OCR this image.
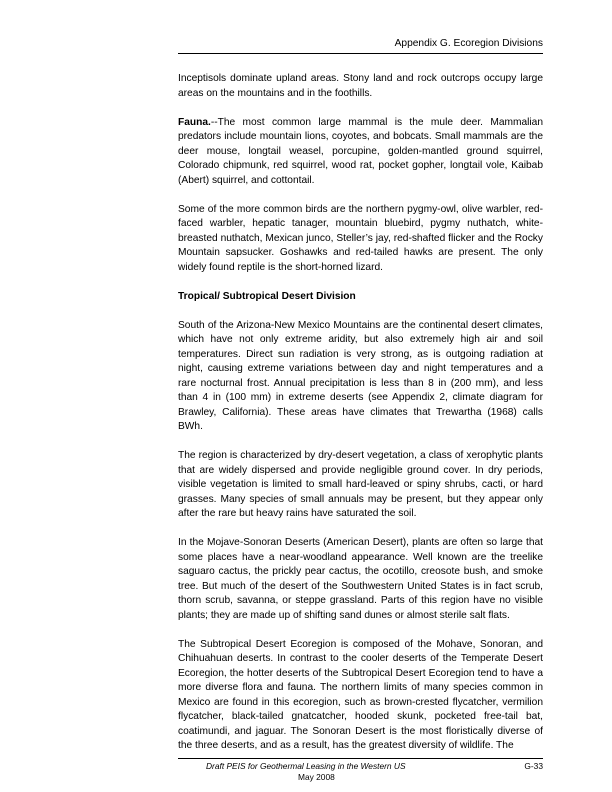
Appendix G. Ecoregion Divisions

Inceptisols dominate upland areas. Stony land and rock outcrops occupy large areas on the mountains and in the foothills.

Fauna.--The most common large mammal is the mule deer. Mammalian predators include mountain lions, coyotes, and bobcats. Small mammals are the deer mouse, longtail weasel, porcupine, golden-mantled ground squirrel, Colorado chipmunk, red squirrel, wood rat, pocket gopher, longtail vole, Kaibab (Abert) squirrel, and cottontail.

Some of the more common birds are the northern pygmy-owl, olive warbler, red-faced warbler, hepatic tanager, mountain bluebird, pygmy nuthatch, white-breasted nuthatch, Mexican junco, Steller’s jay, red-shafted flicker and the Rocky Mountain sapsucker. Goshawks and red-tailed hawks are present. The only widely found reptile is the short-horned lizard.

Tropical/ Subtropical Desert Division

South of the Arizona-New Mexico Mountains are the continental desert climates, which have not only extreme aridity, but also extremely high air and soil temperatures. Direct sun radiation is very strong, as is outgoing radiation at night, causing extreme variations between day and night temperatures and a rare nocturnal frost. Annual precipitation is less than 8 in (200 mm), and less than 4 in (100 mm) in extreme deserts (see Appendix 2, climate diagram for Brawley, California). These areas have climates that Trewartha (1968) calls BWh.

The region is characterized by dry-desert vegetation, a class of xerophytic plants that are widely dispersed and provide negligible ground cover. In dry periods, visible vegetation is limited to small hard-leaved or spiny shrubs, cacti, or hard grasses. Many species of small annuals may be present, but they appear only after the rare but heavy rains have saturated the soil.

In the Mojave-Sonoran Deserts (American Desert), plants are often so large that some places have a near-woodland appearance. Well known are the treelike saguaro cactus, the prickly pear cactus, the ocotillo, creosote bush, and smoke tree. But much of the desert of the Southwestern United States is in fact scrub, thorn scrub, savanna, or steppe grassland. Parts of this region have no visible plants; they are made up of shifting sand dunes or almost sterile salt flats.

The Subtropical Desert Ecoregion is composed of the Mohave, Sonoran, and Chihuahuan deserts. In contrast to the cooler deserts of the Temperate Desert Ecoregion, the hotter deserts of the Subtropical Desert Ecoregion tend to have a more diverse flora and fauna. The northern limits of many species common in Mexico are found in this ecoregion, such as brown-crested flycatcher, vermilion flycatcher, black-tailed gnatcatcher, hooded skunk, pocketed free-tail bat, coatimundi, and jaguar. The Sonoran Desert is the most floristically diverse of the three deserts, and as a result, has the greatest diversity of wildlife. The

Draft PEIS for Geothermal Leasing in the Western US	G-33
May 2008
